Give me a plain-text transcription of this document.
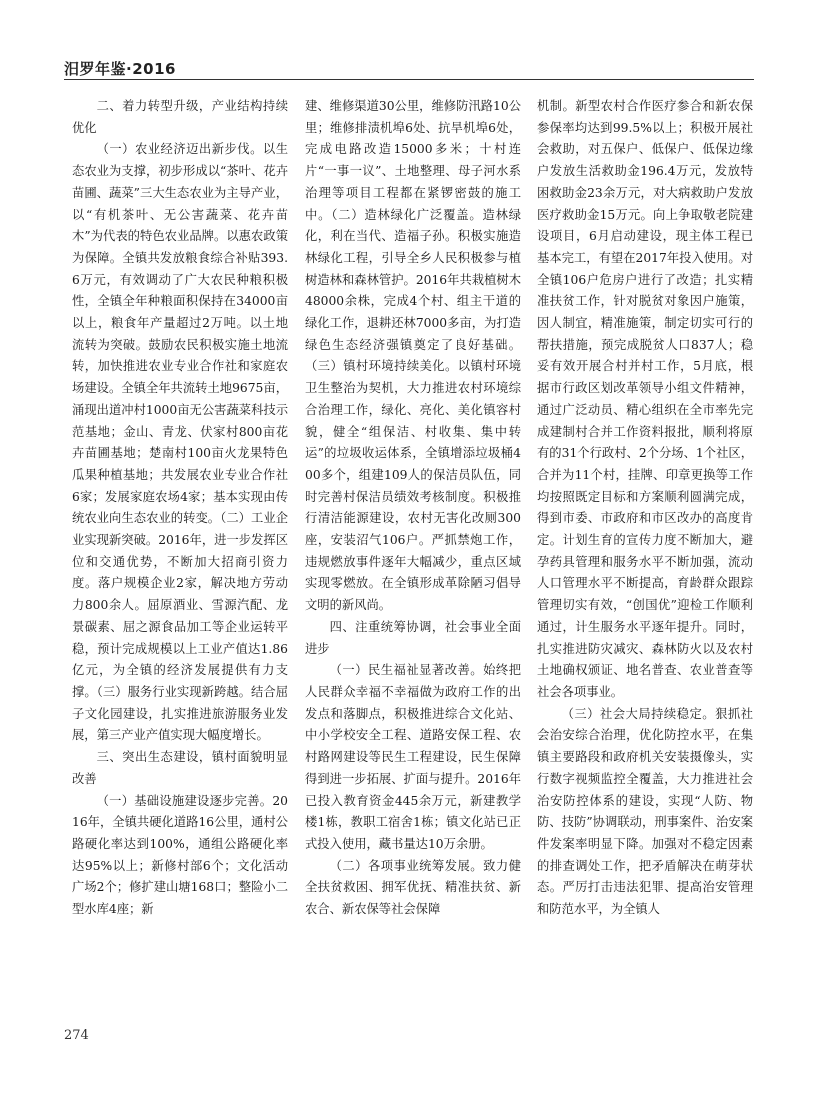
汨罗年鉴·2016

二、着力转型升级，产业结构持续优化

（一）农业经济迈出新步伐。以生态农业为支撑，初步形成以“茶叶、花卉苗圃、蔬菜”三大生态农业为主导产业，以“有机茶叶、无公害蔬菜、花卉苗木”为代表的特色农业品牌。以惠农政策为保障。全镇共发放粮食综合补贴393.6万元，有效调动了广大农民种粮积极性，全镇全年种粮面积保持在34000亩以上，粮食年产量超过2万吨。以土地流转为突破。鼓励农民积极实施土地流转，加快推进农业专业合作社和家庭农场建设。全镇全年共流转土地9675亩，涌现出道冲村1000亩无公害蔬菜科技示范基地；金山、青龙、伏家村800亩花卉苗圃基地；楚南村100亩火龙果特色瓜果种植基地；共发展农业专业合作社6家；发展家庭农场4家；基本实现由传统农业向生态农业的转变。（二）工业企业实现新突破。2016年，进一步发挥区位和交通优势，不断加大招商引资力度。落户规模企业2家，解决地方劳动力800余人。屈原酒业、雪源汽配、龙景碳素、屈之源食品加工等企业运转平稳，预计完成规模以上工业产值达1.86亿元，为全镇的经济发展提供有力支撑。（三）服务行业实现新跨越。结合屈子文化园建设，扎实推进旅游服务业发展，第三产业产值实现大幅度增长。

三、突出生态建设，镇村面貌明显改善

（一）基础设施建设逐步完善。2016年，全镇共硬化道路16公里，通村公路硬化率达到100%，通组公路硬化率达95%以上；新修村部6个；文化活动广场2个；修扩建山塘168口；整险小二型水库4座；新

建、维修渠道30公里，维修防汛路10公里；维修排渍机埠6处、抗旱机埠6处，完成电路改造15000多米；十村连片“一事一议”、土地整理、母子河水系治理等项目工程都在紧锣密鼓的施工中。（二）造林绿化广泛覆盖。造林绿化，利在当代、造福子孙。积极实施造林绿化工程，引导全乡人民积极参与植树造林和森林管护。2016年共栽植树木48000余株，完成4个村、组主干道的绿化工作，退耕还林7000多亩，为打造绿色生态经济强镇奠定了良好基础。（三）镇村环境持续美化。以镇村环境卫生整治为契机，大力推进农村环境综合治理工作，绿化、亮化、美化镇容村貌，健全“组保洁、村收集、集中转运”的垃圾收运体系，全镇增添垃圾桶400多个，组建109人的保洁员队伍，同时完善村保洁员绩效考核制度。积极推行清洁能源建设，农村无害化改厕300座，安装沼气106户。严抓禁炮工作，违规燃放事件逐年大幅减少，重点区域实现零燃放。在全镇形成革除陋习倡导文明的新风尚。

四、注重统筹协调，社会事业全面进步

（一）民生福祉显著改善。始终把人民群众幸福不幸福做为政府工作的出发点和落脚点，积极推进综合文化站、中小学校安全工程、道路安保工程、农村路网建设等民生工程建设，民生保障得到进一步拓展、扩面与提升。2016年已投入教育资金445余万元，新建教学楼1栋，教职工宿舍1栋；镇文化站已正式投入使用，藏书量达10万余册。

（二）各项事业统筹发展。致力健全扶贫救困、拥军优抚、精准扶贫、新农合、新农保等社会保障

机制。新型农村合作医疗参合和新农保参保率均达到99.5%以上；积极开展社会救助，对五保户、低保户、低保边缘户发放生活救助金196.4万元，发放特困救助金23余万元，对大病救助户发放医疗救助金15万元。向上争取敬老院建设项目，6月启动建设，现主体工程已基本完工，有望在2017年投入使用。对全镇106户危房户进行了改造；扎实精准扶贫工作，针对脱贫对象因户施策，因人制宜，精准施策，制定切实可行的帮扶措施，预完成脱贫人口837人；稳妥有效开展合村并村工作，5月底，根据市行政区划改革领导小组文件精神，通过广泛动员、精心组织在全市率先完成建制村合并工作资料报批，顺利将原有的31个行政村、2个分场、1个社区，合并为11个村，挂牌、印章更换等工作均按照既定目标和方案顺利圆满完成，得到市委、市政府和市区改办的高度肯定。计划生育的宣传力度不断加大，避孕药具管理和服务水平不断加强，流动人口管理水平不断提高，育龄群众跟踪管理切实有效，“创国优”迎检工作顺利通过，计生服务水平逐年提升。同时，扎实推进防灾减灾、森林防火以及农村土地确权颁证、地名普查、农业普查等社会各项事业。

（三）社会大局持续稳定。狠抓社会治安综合治理，优化防控水平，在集镇主要路段和政府机关安装摄像头，实行数字视频监控全覆盖，大力推进社会治安防控体系的建设，实现“人防、物防、技防”协调联动，刑事案件、治安案件发案率明显下降。加强对不稳定因素的排查调处工作，把矛盾解决在萌芽状态。严厉打击违法犯罪、提高治安管理和防范水平，为全镇人

274
